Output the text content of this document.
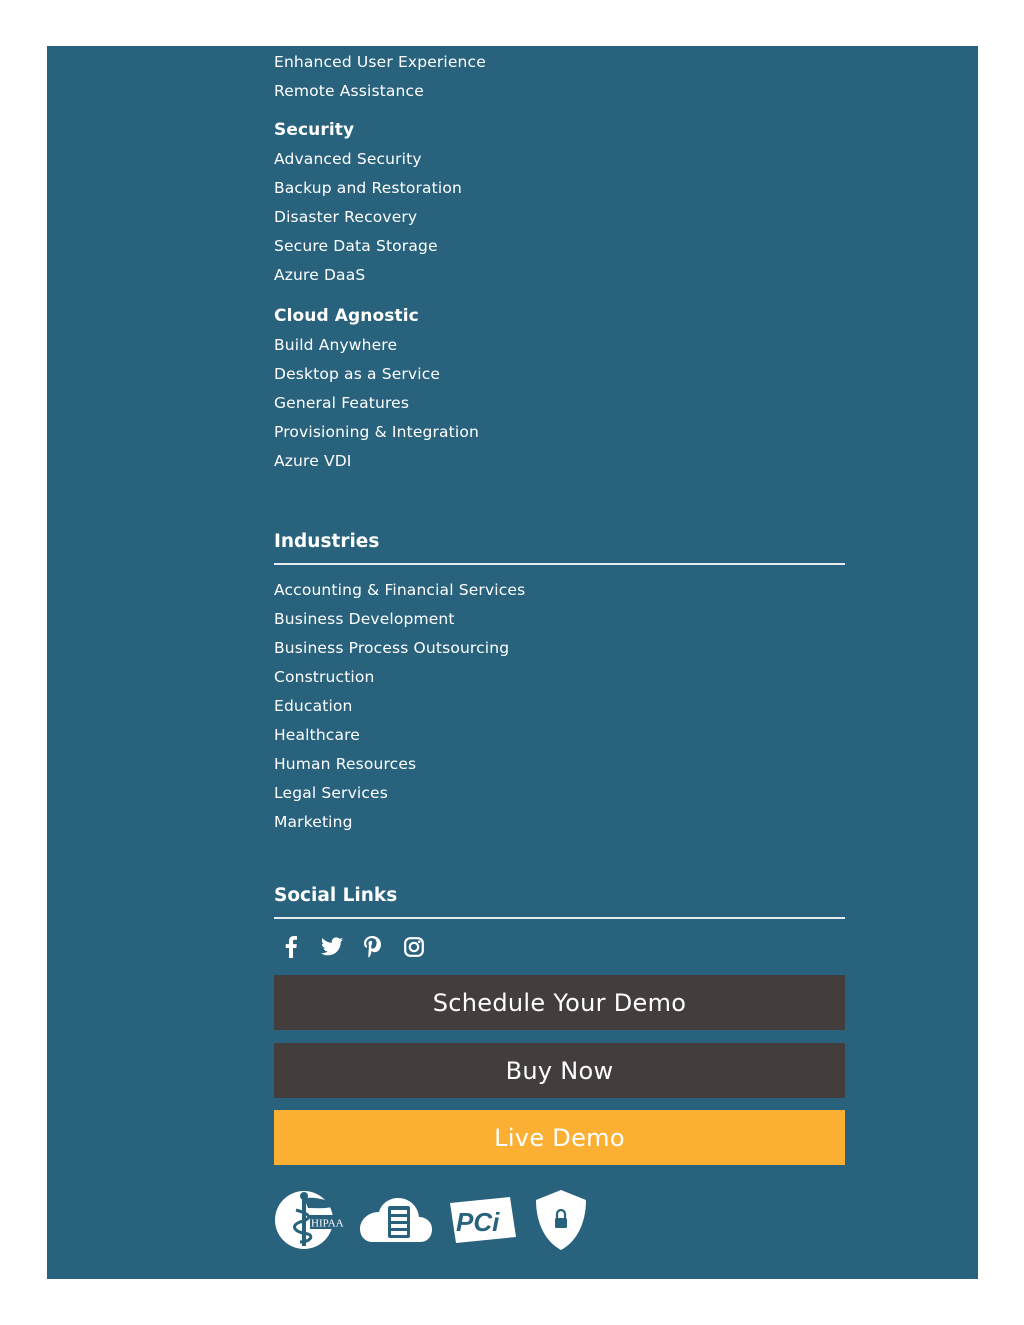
Enhanced User Experience
Remote Assistance
Security
Advanced Security
Backup and Restoration
Disaster Recovery
Secure Data Storage
Azure DaaS
Cloud Agnostic
Build Anywhere
Desktop as a Service
General Features
Provisioning & Integration
Azure VDI
Industries
Accounting & Financial Services
Business Development
Business Process Outsourcing
Construction
Education
Healthcare
Human Resources
Legal Services
Marketing
Social Links
Schedule Your Demo
Buy Now
Live Demo
HIPAA	PCi
